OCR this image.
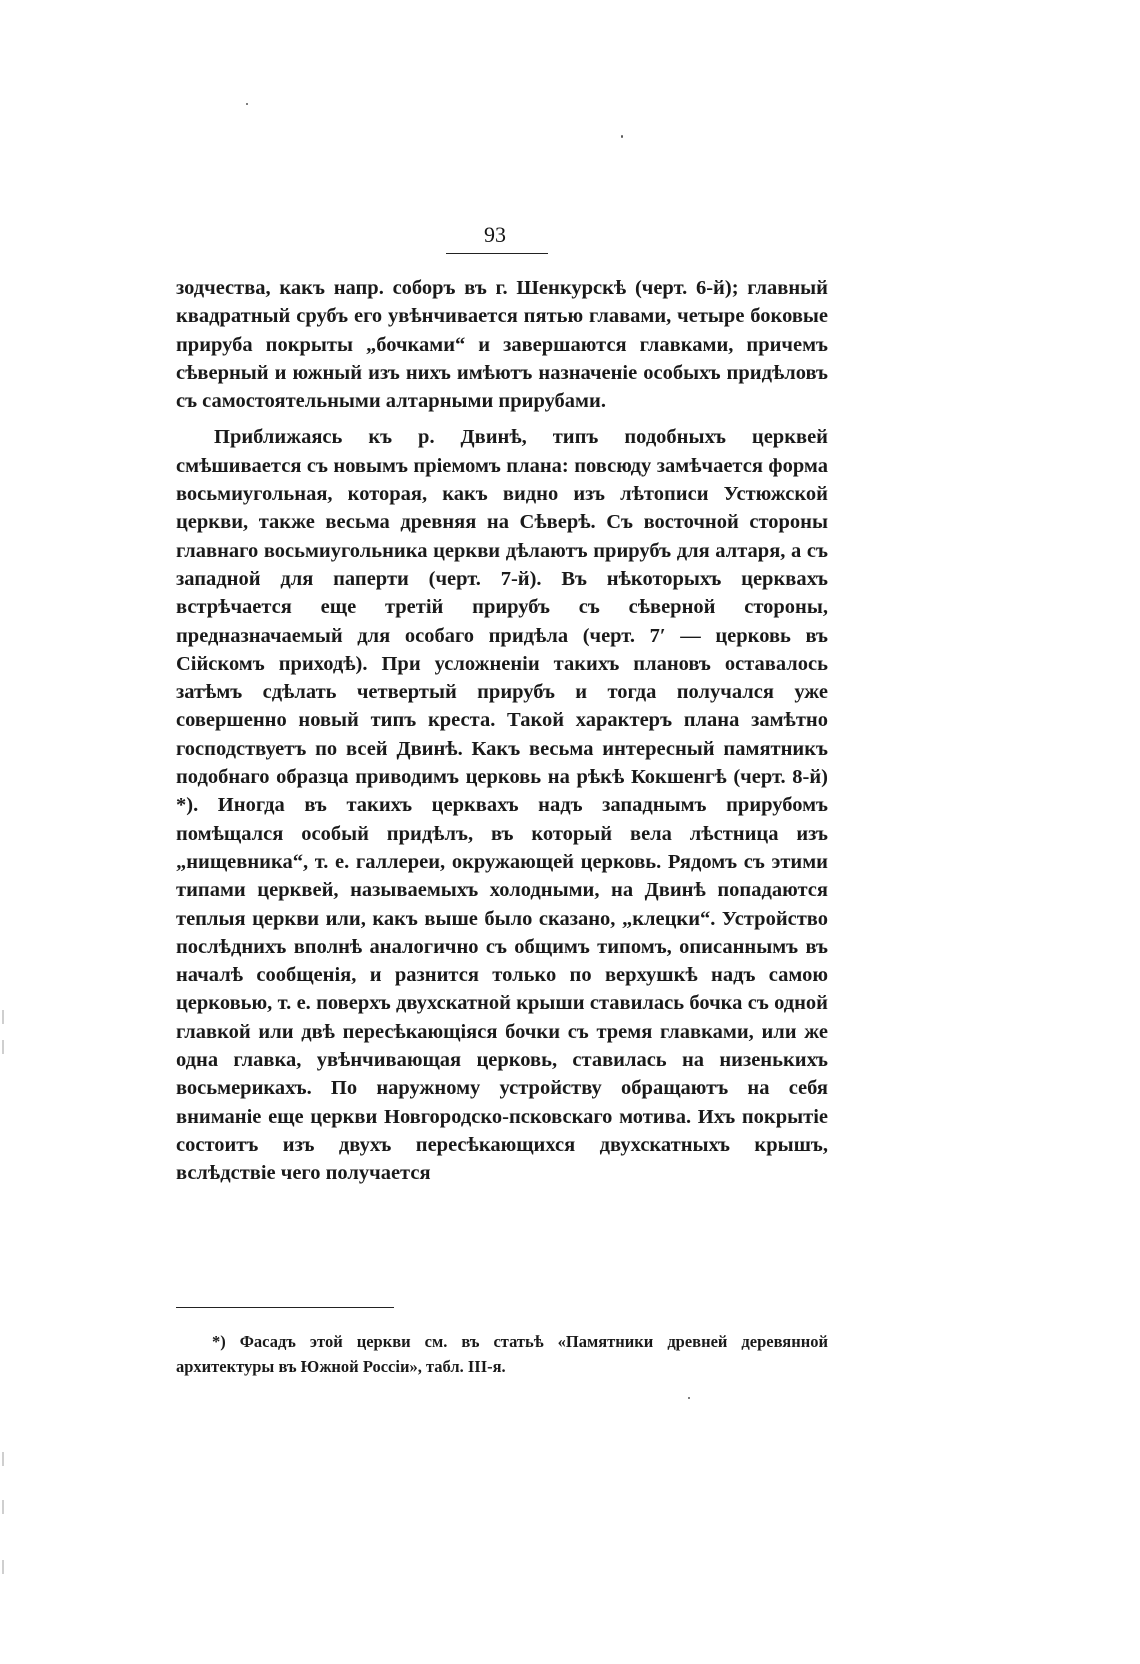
93

зодчества, какъ напр. соборъ въ г. Шенкурскѣ (черт. 6-й); главный квадратный срубъ его увѣнчивается пятью главами, четыре боковые прируба покрыты „бочками“ и завершаются главками, причемъ сѣверный и южный изъ нихъ имѣютъ назначеніе особыхъ придѣловъ съ самостоятельными алтарными прирубами.

Приближаясь къ р. Двинѣ, типъ подобныхъ церквей смѣшивается съ новымъ пріемомъ плана: повсюду замѣчается форма восьмиугольная, которая, какъ видно изъ лѣтописи Устюжской церкви, также весьма древняя на Сѣверѣ. Съ восточной стороны главнаго восьмиугольника церкви дѣлаютъ прирубъ для алтаря, а съ западной для паперти (черт. 7-й). Въ нѣкоторыхъ церквахъ встрѣчается еще третій прирубъ съ сѣверной стороны, предназначаемый для особаго придѣла (черт. 7′ — церковь въ Сійскомъ приходѣ). При усложненіи такихъ плановъ оставалось затѣмъ сдѣлать четвертый прирубъ и тогда получался уже совершенно новый типъ креста. Такой характеръ плана замѣтно господствуетъ по всей Двинѣ. Какъ весьма интересный памятникъ подобнаго образца приводимъ церковь на рѣкѣ Кокшенгѣ (черт. 8-й) *). Иногда въ такихъ церквахъ надъ западнымъ прирубомъ помѣщался особый придѣлъ, въ который вела лѣстница изъ „нищевника“, т. е. галлереи, окружающей церковь. Рядомъ съ этими типами церквей, называемыхъ холодными, на Двинѣ попадаются теплыя церкви или, какъ выше было сказано, „клецки“. Устройство послѣднихъ вполнѣ аналогично съ общимъ типомъ, описаннымъ въ началѣ сообщенія, и разнится только по верхушкѣ надъ самою церковью, т. е. поверхъ двухскатной крыши ставилась бочка съ одной главкой или двѣ пересѣкающіяся бочки съ тремя главками, или же одна главка, увѣнчивающая церковь, ставилась на низенькихъ восьмерикахъ. По наружному устройству обращаютъ на себя вниманіе еще церкви Новгородско-псковскаго мотива. Ихъ покрытіе состоитъ изъ двухъ пересѣкающихся двухскатныхъ крышъ, вслѣдствіе чего получается

*) Фасадъ этой церкви см. въ статьѣ «Памятники древней деревянной архитектуры въ Южной Россіи», табл. III-я.
